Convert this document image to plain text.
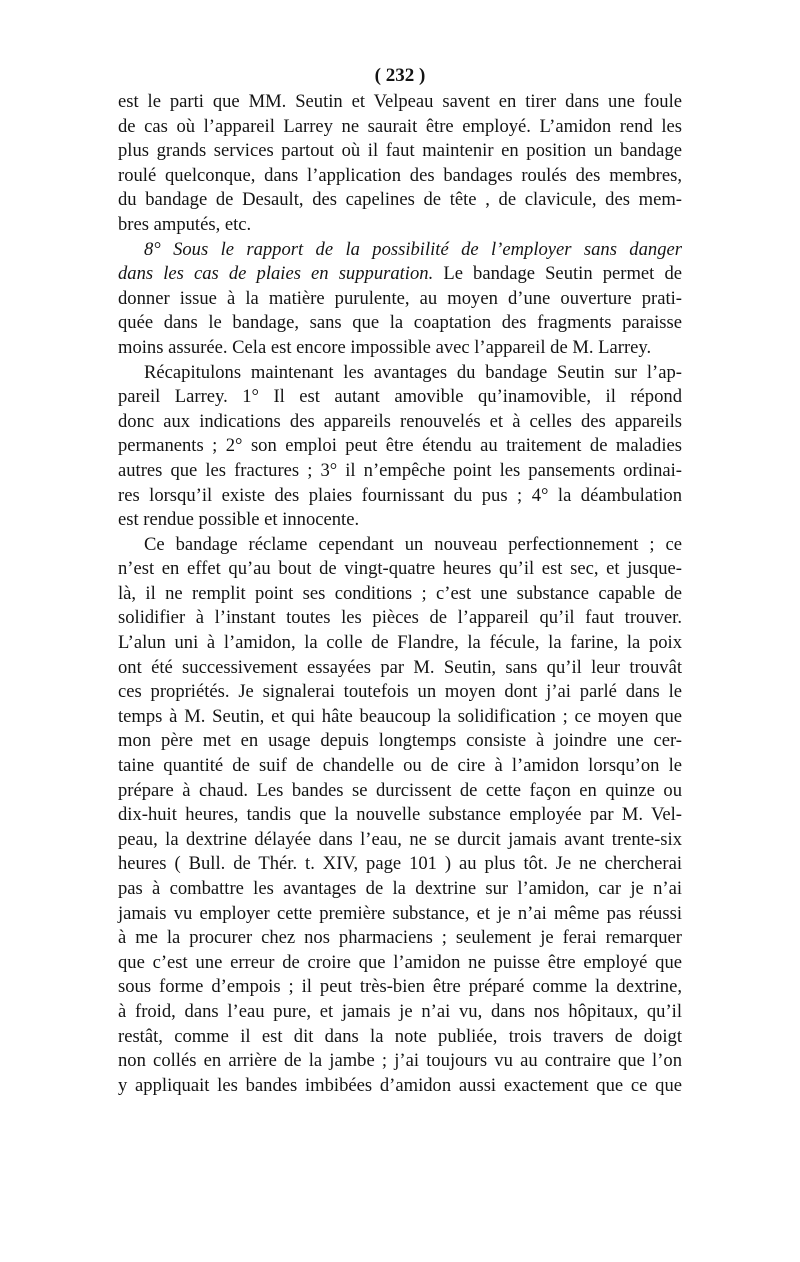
( 232 )
est le parti que MM. Seutin et Velpeau savent en tirer dans une foule
de cas où l’appareil Larrey ne saurait être employé. L’amidon rend les
plus grands services partout où il faut maintenir en position un bandage
roulé quelconque, dans l’application des bandages roulés des membres,
du bandage de Desault, des capelines de tête , de clavicule, des mem-
bres amputés, etc.
8° Sous le rapport de la possibilité de l’employer sans danger
dans les cas de plaies en suppuration. Le bandage Seutin permet de
donner issue à la matière purulente, au moyen d’une ouverture prati-
quée dans le bandage, sans que la coaptation des fragments paraisse
moins assurée. Cela est encore impossible avec l’appareil de M. Larrey.
Récapitulons maintenant les avantages du bandage Seutin sur l’ap-
pareil Larrey. 1° Il est autant amovible qu’inamovible, il répond
donc aux indications des appareils renouvelés et à celles des appareils
permanents ; 2° son emploi peut être étendu au traitement de maladies
autres que les fractures ; 3° il n’empêche point les pansements ordinai-
res lorsqu’il existe des plaies fournissant du pus ; 4° la déambulation
est rendue possible et innocente.
Ce bandage réclame cependant un nouveau perfectionnement ; ce
n’est en effet qu’au bout de vingt-quatre heures qu’il est sec, et jusque-
là, il ne remplit point ses conditions ; c’est une substance capable de
solidifier à l’instant toutes les pièces de l’appareil qu’il faut trouver.
L’alun uni à l’amidon, la colle de Flandre, la fécule, la farine, la poix
ont été successivement essayées par M. Seutin, sans qu’il leur trouvât
ces propriétés. Je signalerai toutefois un moyen dont j’ai parlé dans le
temps à M. Seutin, et qui hâte beaucoup la solidification ; ce moyen que
mon père met en usage depuis longtemps consiste à joindre une cer-
taine quantité de suif de chandelle ou de cire à l’amidon lorsqu’on le
prépare à chaud. Les bandes se durcissent de cette façon en quinze ou
dix-huit heures, tandis que la nouvelle substance employée par M. Vel-
peau, la dextrine délayée dans l’eau, ne se durcit jamais avant trente-six
heures ( Bull. de Thér. t. XIV, page 101 ) au plus tôt. Je ne chercherai
pas à combattre les avantages de la dextrine sur l’amidon, car je n’ai
jamais vu employer cette première substance, et je n’ai même pas réussi
à me la procurer chez nos pharmaciens ; seulement je ferai remarquer
que c’est une erreur de croire que l’amidon ne puisse être employé que
sous forme d’empois ; il peut très-bien être préparé comme la dextrine,
à froid, dans l’eau pure, et jamais je n’ai vu, dans nos hôpitaux, qu’il
restât, comme il est dit dans la note publiée, trois travers de doigt
non collés en arrière de la jambe ; j’ai toujours vu au contraire que l’on
y appliquait les bandes imbibées d’amidon aussi exactement que ce que
